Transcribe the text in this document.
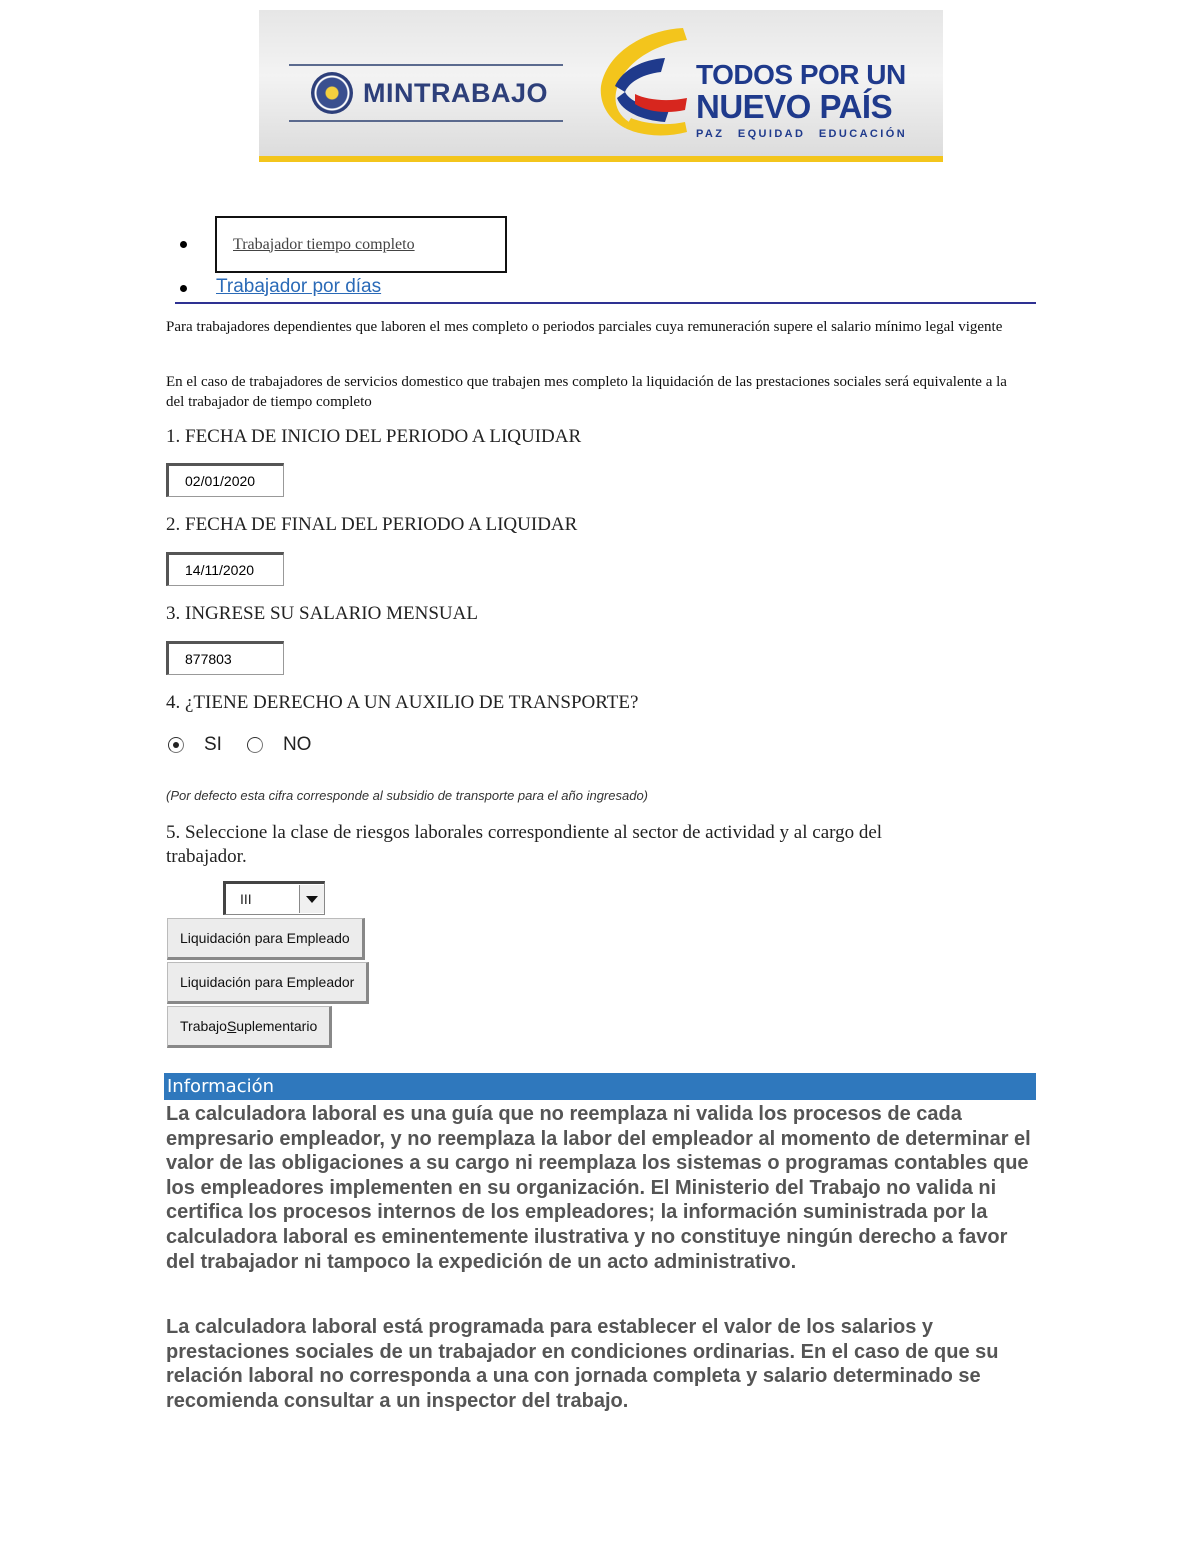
MINTRABAJO
TODOS POR UN
NUEVO PAÍS
PAZ EQUIDAD EDUCACIÓN
Trabajador tiempo completo
Trabajador por días
Para trabajadores dependientes que laboren el mes completo o periodos parciales cuya remuneración supere el salario mínimo legal vigente
En el caso de trabajadores de servicios domestico que trabajen mes completo la liquidación de las prestaciones sociales será equivalente a la del trabajador de tiempo completo
1. FECHA DE INICIO DEL PERIODO A LIQUIDAR
02/01/2020
2. FECHA DE FINAL DEL PERIODO A LIQUIDAR
14/11/2020
3. INGRESE SU SALARIO MENSUAL
877803
4. ¿TIENE DERECHO A UN AUXILIO DE TRANSPORTE?
SI	NO
(Por defecto esta cifra corresponde al subsidio de transporte para el año ingresado)
5. Seleccione la clase de riesgos laborales correspondiente al sector de actividad y al cargo del trabajador.
III
Liquidación para Empleado
Liquidación para Empleador
Trabajo S uplementario
Información
La calculadora laboral es una guía que no reemplaza ni valida los procesos de cada empresario empleador, y no reemplaza la labor del empleador al momento de determinar el valor de las obligaciones a su cargo ni reemplaza los sistemas o programas contables que los empleadores implementen en su organización. El Ministerio del Trabajo no valida ni certifica los procesos internos de los empleadores; la información suministrada por la calculadora laboral es eminentemente ilustrativa y no constituye ningún derecho a favor del trabajador ni tampoco la expedición de un acto administrativo.
La calculadora laboral está programada para establecer el valor de los salarios y prestaciones sociales de un trabajador en condiciones ordinarias. En el caso de que su relación laboral no corresponda a una con jornada completa y salario determinado se recomienda consultar a un inspector del trabajo.
